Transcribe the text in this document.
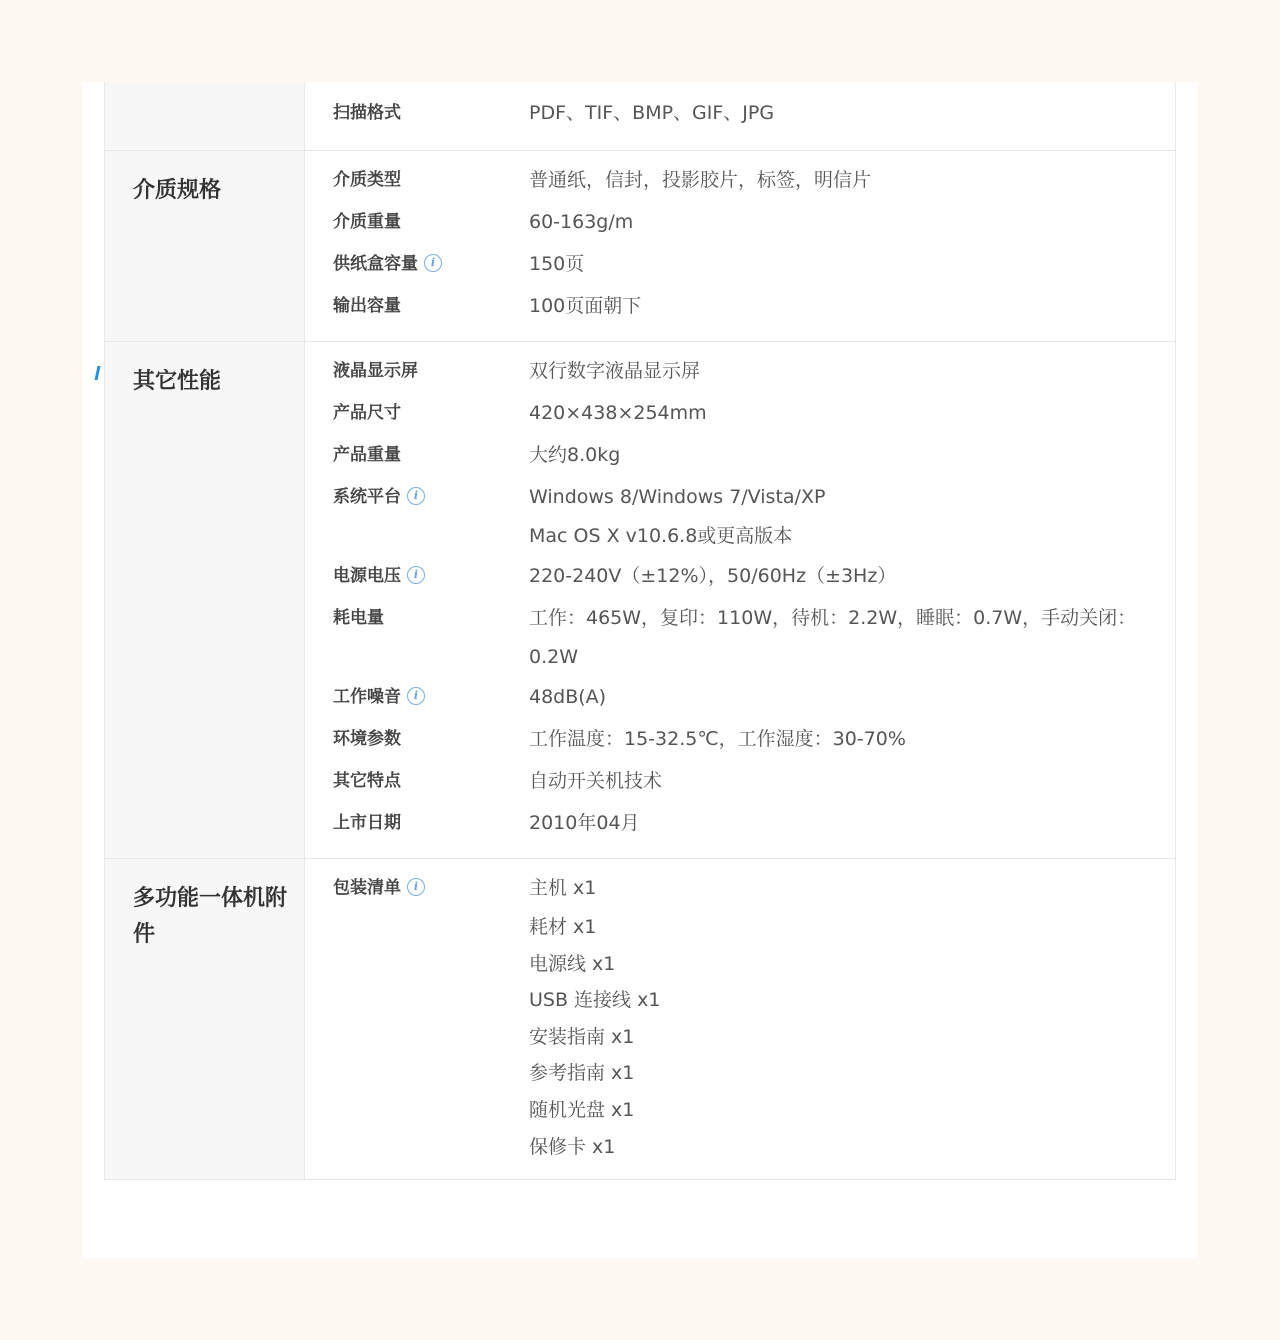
扫描格式	PDF、TIF、BMP、GIF、JPG
介质规格	介质类型	普通纸，信封，投影胶片，标签，明信片
介质重量	60-163g/m
供纸盒容量 i	150页
输出容量	100页面朝下
其它性能	液晶显示屏	双行数字液晶显示屏
产品尺寸	420×438×254mm
产品重量	大约8.0kg
系统平台 i	Windows 8/Windows 7/Vista/XP
Mac OS X v10.6.8或更高版本
电源电压 i	220-240V（±12%），50/60Hz（±3Hz）
耗电量	工作：465W，复印：110W，待机：2.2W，睡眠：0.7W，手动关闭：
0.2W
工作噪音 i	48dB(A)
环境参数	工作温度：15-32.5℃，工作湿度：30-70%
其它特点	自动开关机技术
上市日期	2010年04月
多功能一体机附件
包装清单 i	主机 x1
耗材 x1
电源线 x1
USB 连接线 x1
安装指南 x1
参考指南 x1
随机光盘 x1
保修卡 x1
